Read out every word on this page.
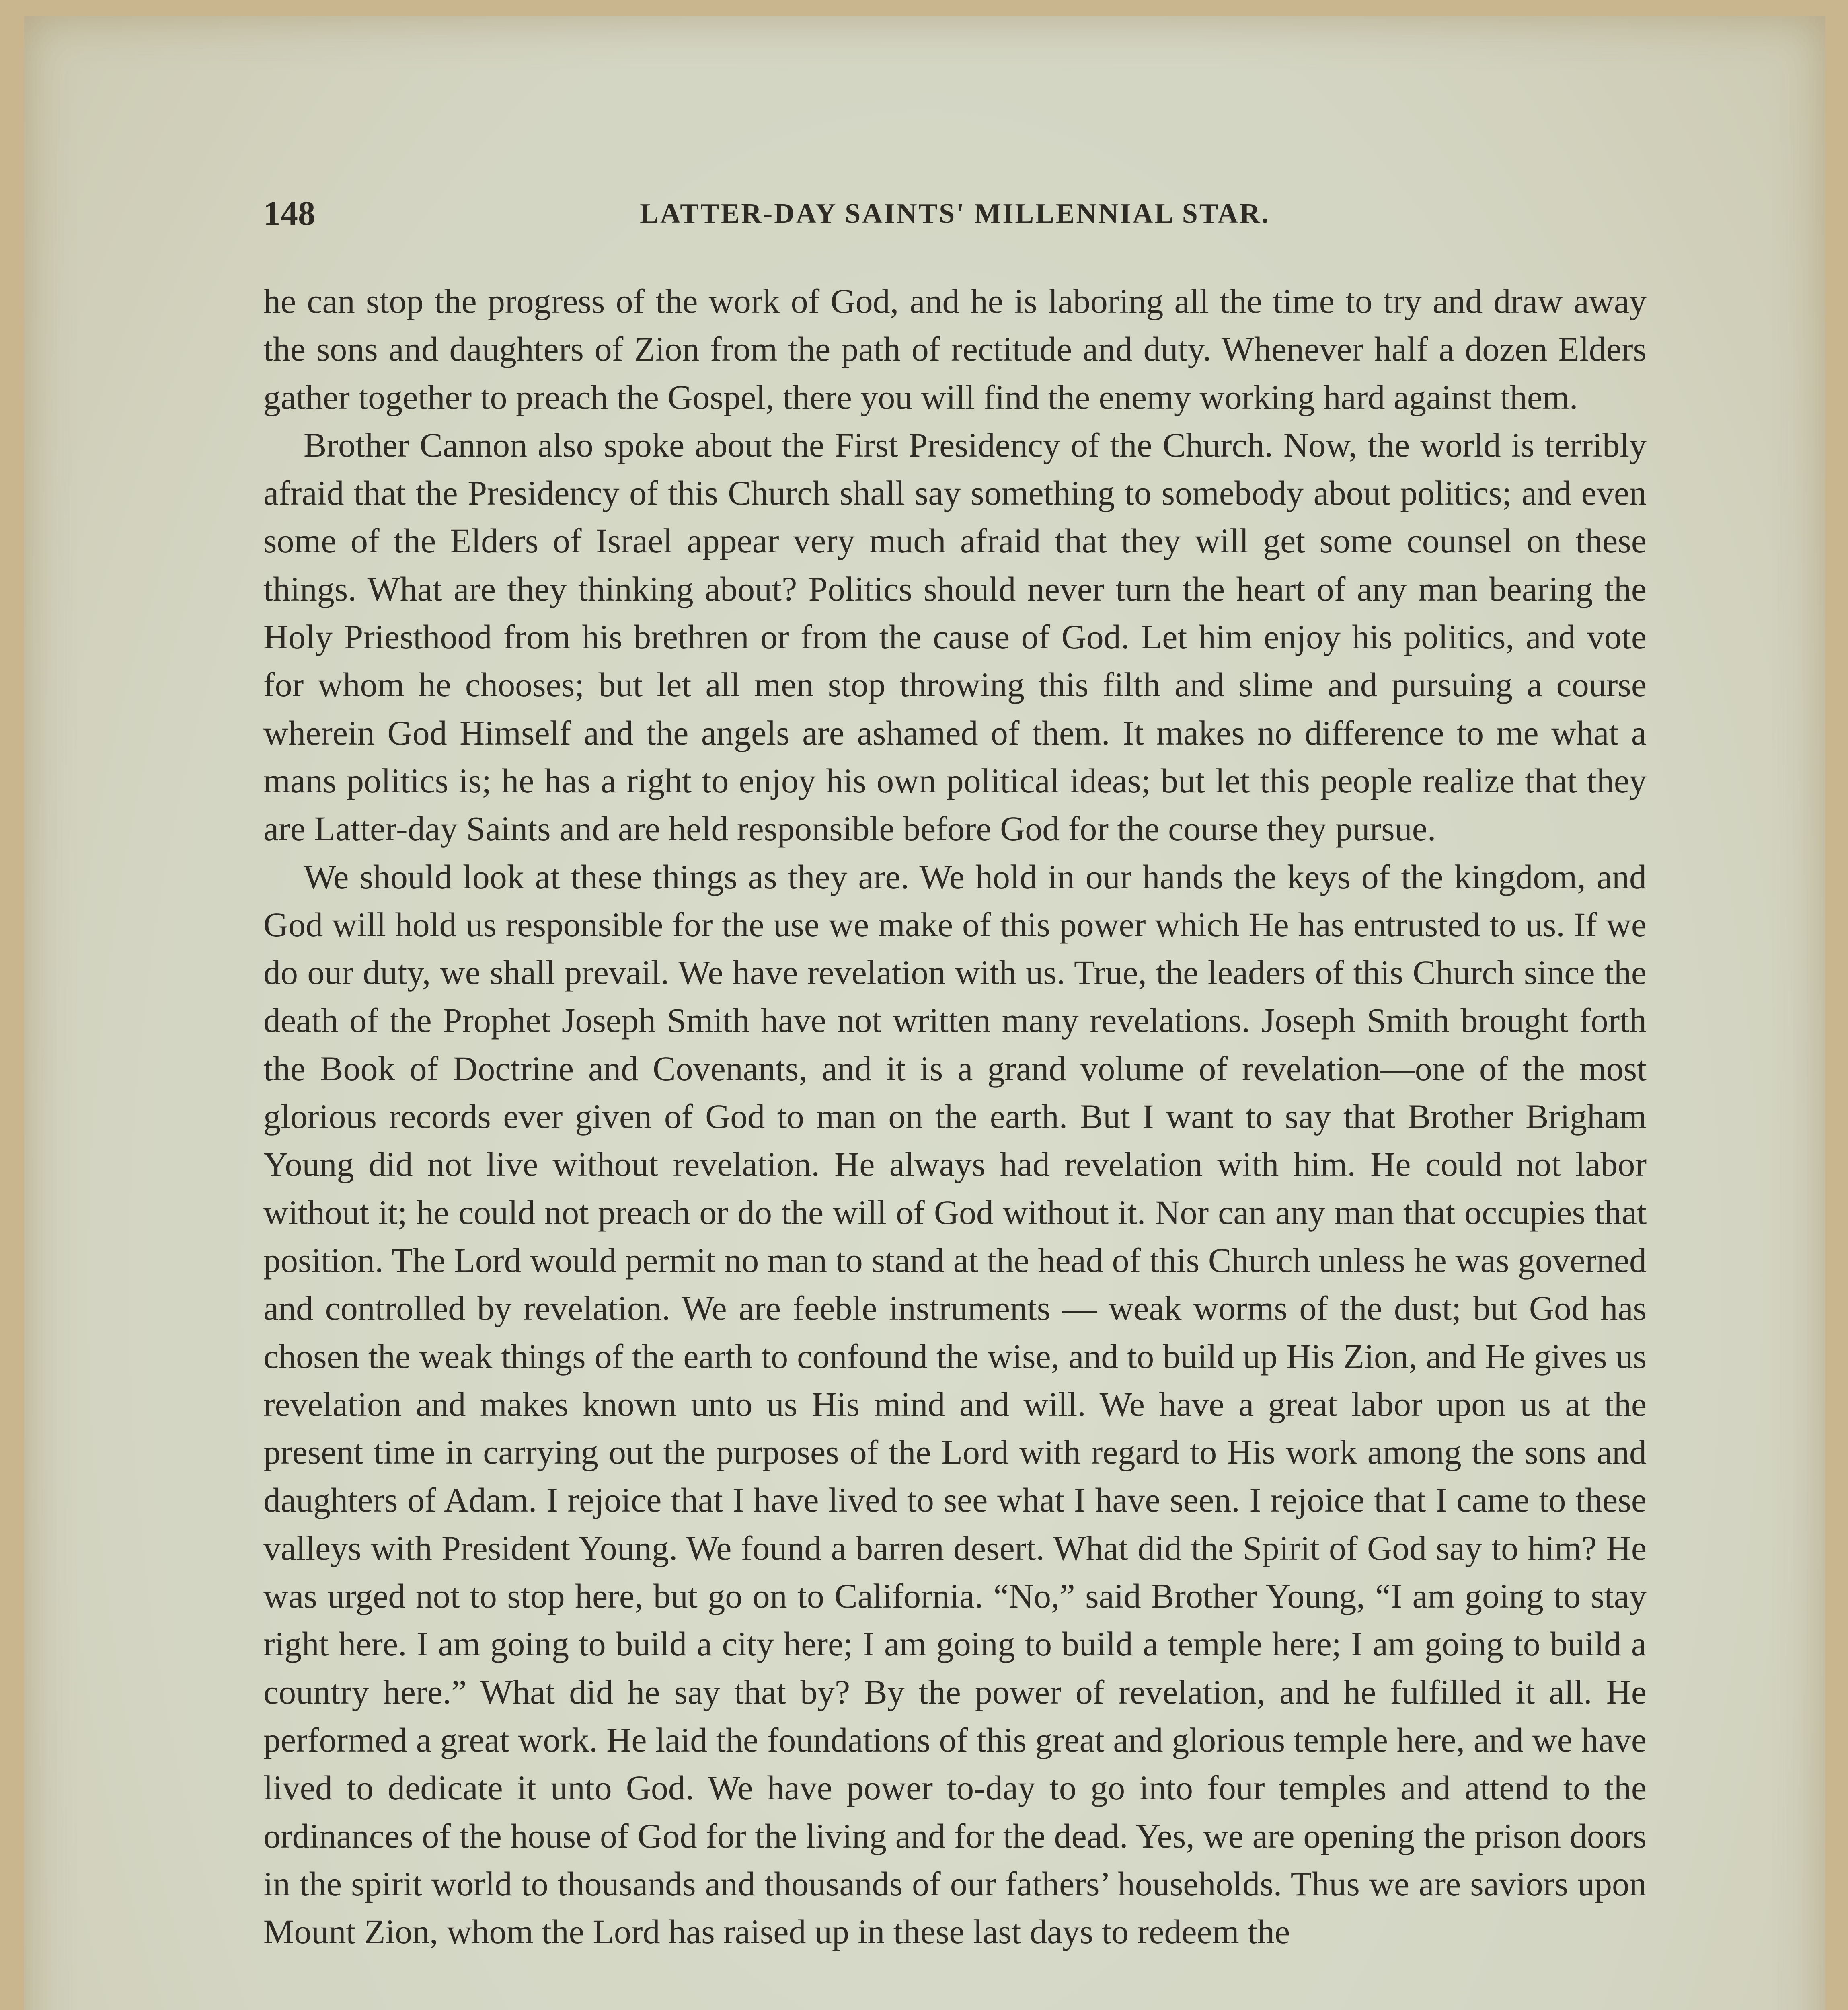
148	LATTER-DAY SAINTS' MILLENNIAL STAR.

he can stop the progress of the work of God, and he is laboring all the time to try and draw away the sons and daughters of Zion from the path of rectitude and duty. Whenever half a dozen Elders gather together to preach the Gospel, there you will find the enemy working hard against them.

Brother Cannon also spoke about the First Presidency of the Church. Now, the world is terribly afraid that the Presidency of this Church shall say something to somebody about politics; and even some of the Elders of Israel appear very much afraid that they will get some counsel on these things. What are they thinking about? Politics should never turn the heart of any man bearing the Holy Priesthood from his brethren or from the cause of God. Let him enjoy his politics, and vote for whom he chooses; but let all men stop throwing this filth and slime and pursuing a course wherein God Himself and the angels are ashamed of them. It makes no difference to me what a mans politics is; he has a right to enjoy his own political ideas; but let this people realize that they are Latter-day Saints and are held responsible before God for the course they pursue.

We should look at these things as they are. We hold in our hands the keys of the kingdom, and God will hold us responsible for the use we make of this power which He has entrusted to us. If we do our duty, we shall prevail. We have revelation with us. True, the leaders of this Church since the death of the Prophet Joseph Smith have not written many revelations. Joseph Smith brought forth the Book of Doctrine and Covenants, and it is a grand volume of revelation—one of the most glorious records ever given of God to man on the earth. But I want to say that Brother Brigham Young did not live without revelation. He always had revelation with him. He could not labor without it; he could not preach or do the will of God without it. Nor can any man that occupies that position. The Lord would permit no man to stand at the head of this Church unless he was governed and controlled by revelation. We are feeble instruments — weak worms of the dust; but God has chosen the weak things of the earth to confound the wise, and to build up His Zion, and He gives us revelation and makes known unto us His mind and will. We have a great labor upon us at the present time in carrying out the purposes of the Lord with regard to His work among the sons and daughters of Adam. I rejoice that I have lived to see what I have seen. I rejoice that I came to these valleys with President Young. We found a barren desert. What did the Spirit of God say to him? He was urged not to stop here, but go on to California. “No,” said Brother Young, “I am going to stay right here. I am going to build a city here; I am going to build a temple here; I am going to build a country here.” What did he say that by? By the power of revelation, and he fulfilled it all. He performed a great work. He laid the foundations of this great and glorious temple here, and we have lived to dedicate it unto God. We have power to-day to go into four temples and attend to the ordinances of the house of God for the living and for the dead. Yes, we are opening the prison doors in the spirit world to thousands and thousands of our fathers’ households. Thus we are saviors upon Mount Zion, whom the Lord has raised up in these last days to redeem the
